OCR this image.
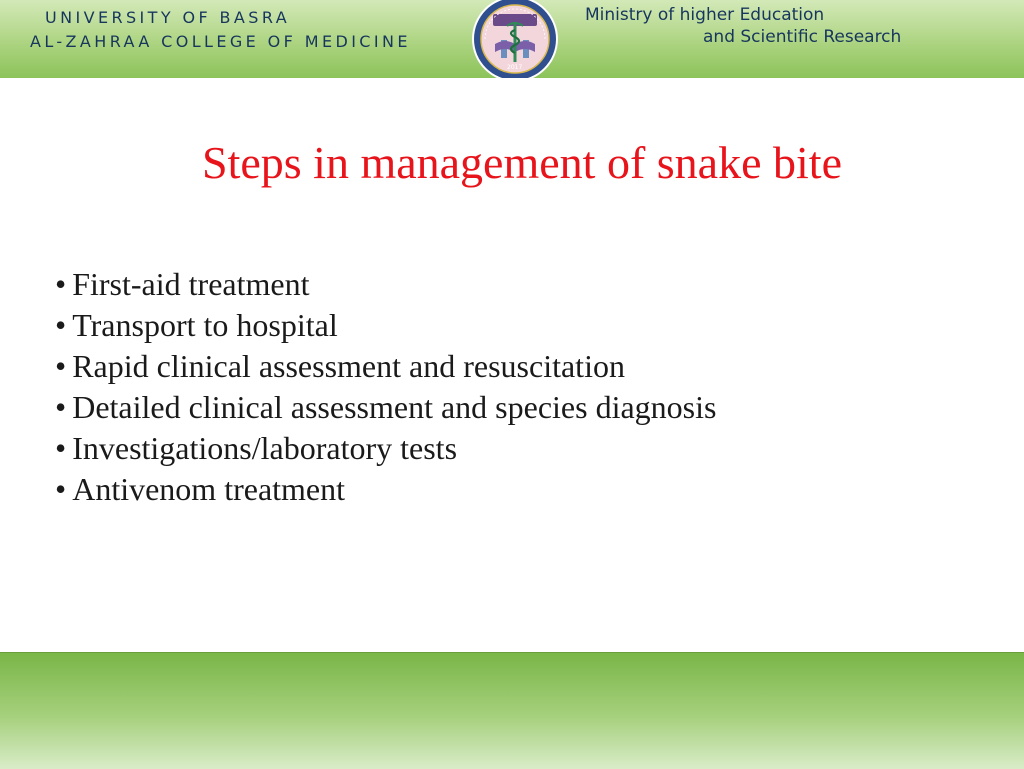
UNIVERSITY OF BASRA
AL-ZAHRAA COLLEGE OF MEDICINE
2017
Ministry of higher Education
and Scientific Research
Steps in management of snake bite
• First-aid treatment
• Transport to hospital
• Rapid clinical assessment and resuscitation
• Detailed clinical assessment and species diagnosis
• Investigations/laboratory tests
• Antivenom treatment
